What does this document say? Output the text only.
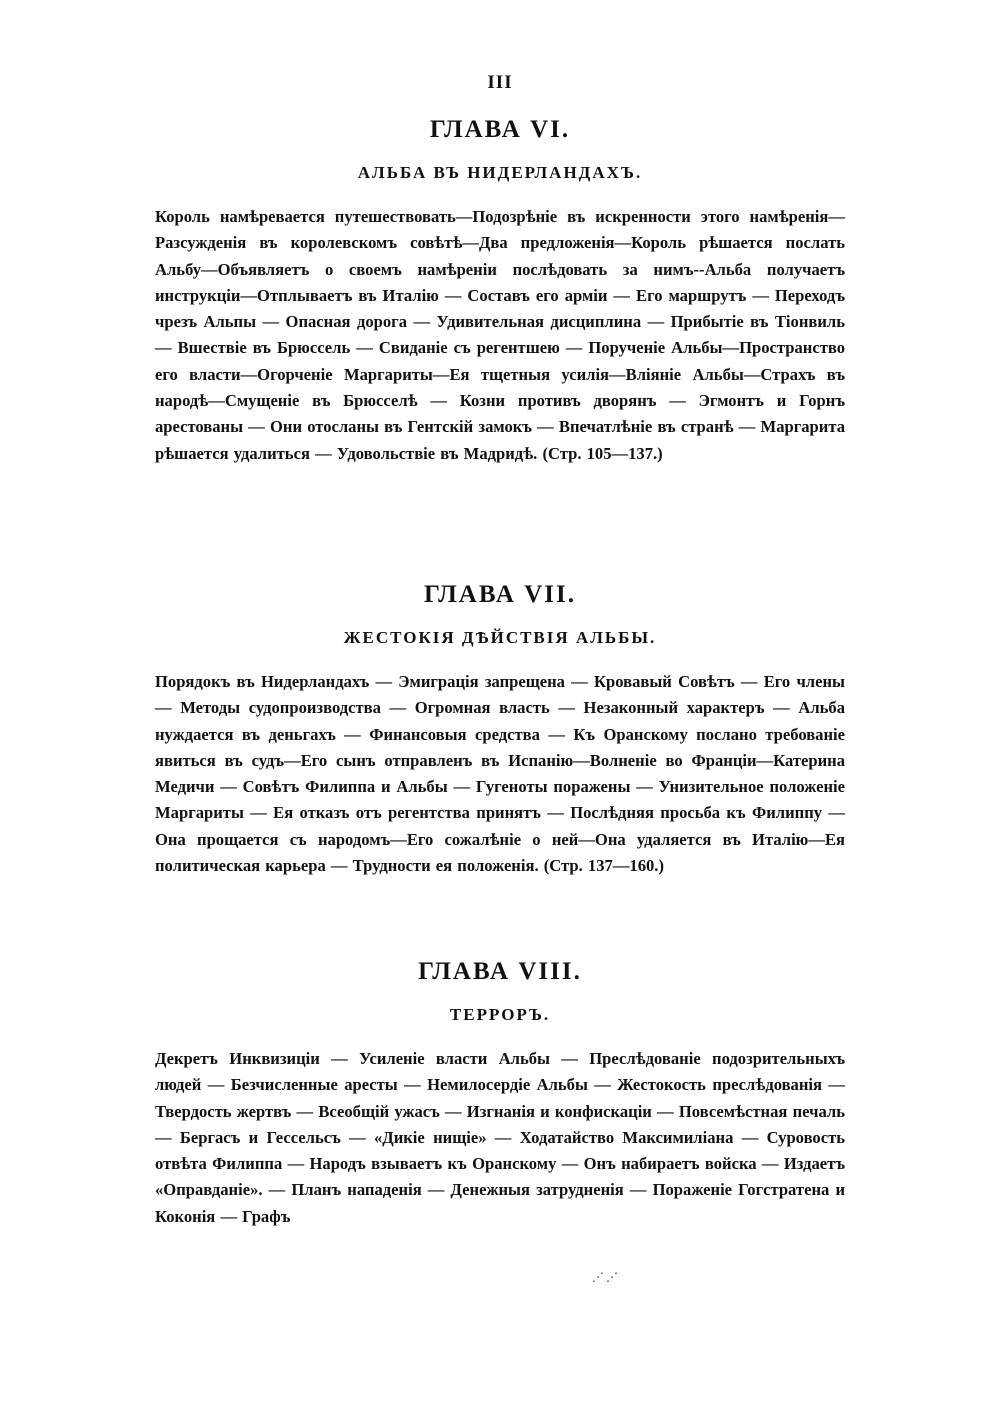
III
ГЛАВА VI.
АЛЬБА ВЪ НИДЕРЛАНДАХЪ.

Король намѣревается путешествовать—Подозрѣніе въ искренности этого намѣренія—Разсужденія въ королевскомъ совѣтѣ—Два предложенія—Король рѣшается послать Альбу—Объявляетъ о своемъ намѣреніи послѣдовать за нимъ--Альба получаетъ инструкціи—Отплываетъ въ Италію — Составъ его арміи — Его маршрутъ — Переходъ чрезъ Альпы — Опасная дорога — Удивительная дисциплина — Прибытіе въ Тіонвиль — Вшествіе въ Брюссель — Свиданіе съ регентшею — Порученіе Альбы—Пространство его власти—Огорченіе Маргариты—Ея тщетныя усилія—Вліяніе Альбы—Страхъ въ народѣ—Смущеніе въ Брюсселѣ — Козни противъ дворянъ — Эгмонтъ и Горнъ арестованы — Они отосланы въ Гентскій замокъ — Впечатлѣніе въ странѣ — Маргарита рѣшается удалиться — Удовольствіе въ Мадридѣ. (Стр. 105—137.)

ГЛАВА VII.
ЖЕСТОКІЯ ДѢЙСТВІЯ АЛЬБЫ.

Порядокъ въ Нидерландахъ — Эмиграція запрещена — Кровавый Совѣтъ — Его члены — Методы судопроизводства — Огромная власть — Незаконный характеръ — Альба нуждается въ деньгахъ — Финансовыя средства — Къ Оранскому послано требованіе явиться въ судъ—Его сынъ отправленъ въ Испанію—Волненіе во Франціи—Катерина Медичи — Совѣтъ Филиппа и Альбы — Гугеноты поражены — Унизительное положеніе Маргариты — Ея отказъ отъ регентства принятъ — Послѣдняя просьба къ Филиппу — Она прощается съ народомъ—Его сожалѣніе о ней—Она удаляется въ Италію—Ея политическая карьера — Трудности ея положенія. (Стр. 137—160.)

ГЛАВА VIII.
ТЕРРОРЪ.

Декретъ Инквизиціи — Усиленіе власти Альбы — Преслѣдованіе подозрительныхъ людей — Безчисленные аресты — Немилосердіе Альбы — Жестокость преслѣдованія — Твердость жертвъ — Всеобщій ужасъ — Изгнанія и конфискаціи — Повсемѣстная печаль — Бергасъ и Гессельсъ — «Дикіе нищіе» — Ходатайство Максимиліана — Суровость отвѣта Филиппа — Народъ взываетъ къ Оранскому — Онъ набираетъ войска — Издаетъ «Оправданіе». — Планъ нападенія — Денежныя затрудненія — Пораженіе Гогстратена и Коконія — Графъ

⋰⋰
